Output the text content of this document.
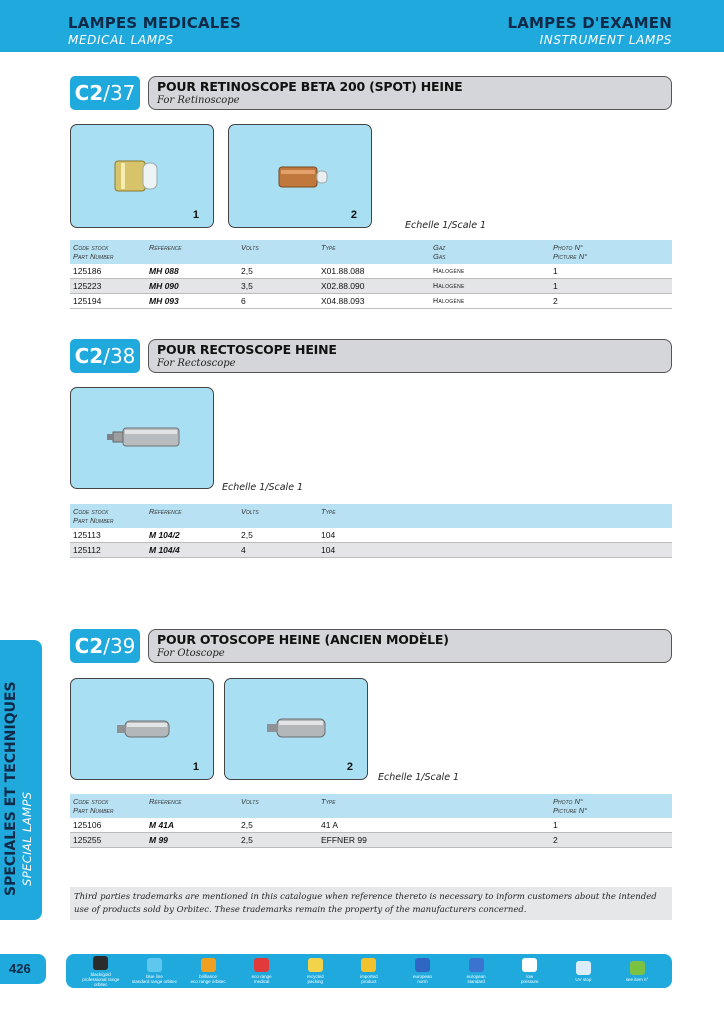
LAMPES MEDICALES
MEDICAL LAMPS
LAMPES D'EXAMEN
INSTRUMENT LAMPS
C2/37	POUR RETINOSCOPE BETA 200 (SPOT) HEINE
For Retinoscope
1	2
Echelle 1/Scale 1
Code stock
Part Number	Référence	Volts	Type	Gaz
Gas	Photo N°
Picture N°
125186	MH 088	2,5	X01.88.088	Halogène	1
125223	MH 090	3,5	X02.88.090	Halogène	1
125194	MH 093	6	X04.88.093	Halogène	2
C2/38	POUR RECTOSCOPE HEINE
For Rectoscope
Echelle 1/Scale 1
Code stock
Part Number	Référence	Volts	Type	
125113	M 104/2	2,5	104	
125112	M 104/4	4	104	
C2/39	POUR OTOSCOPE HEINE (ANCIEN MODÈLE)
For Otoscope
1	2
Echelle 1/Scale 1
Code stock
Part Number	Référence	Volts	Type	Photo N°
Picture N°
125106	M 41A	2,5	41 A	1
125255	M 99	2,5	EFFNER 99	2
SPECIALES ET TECHNIQUES SPECIAL LAMPS
Third parties trademarks are mentioned in this catalogue when reference thereto is necessary to inform customers about the intended use of products sold by Orbitec. These trademarks remain the property of the manufacturers concerned.
426	black/gold
professional range orbitec
blue line
standard range orbitec
brilliance
eco range orbitec
eco range
medical
recycled
packing
imported
product
european
norm
european
standard
low
pressure	UV stop	see item n°
